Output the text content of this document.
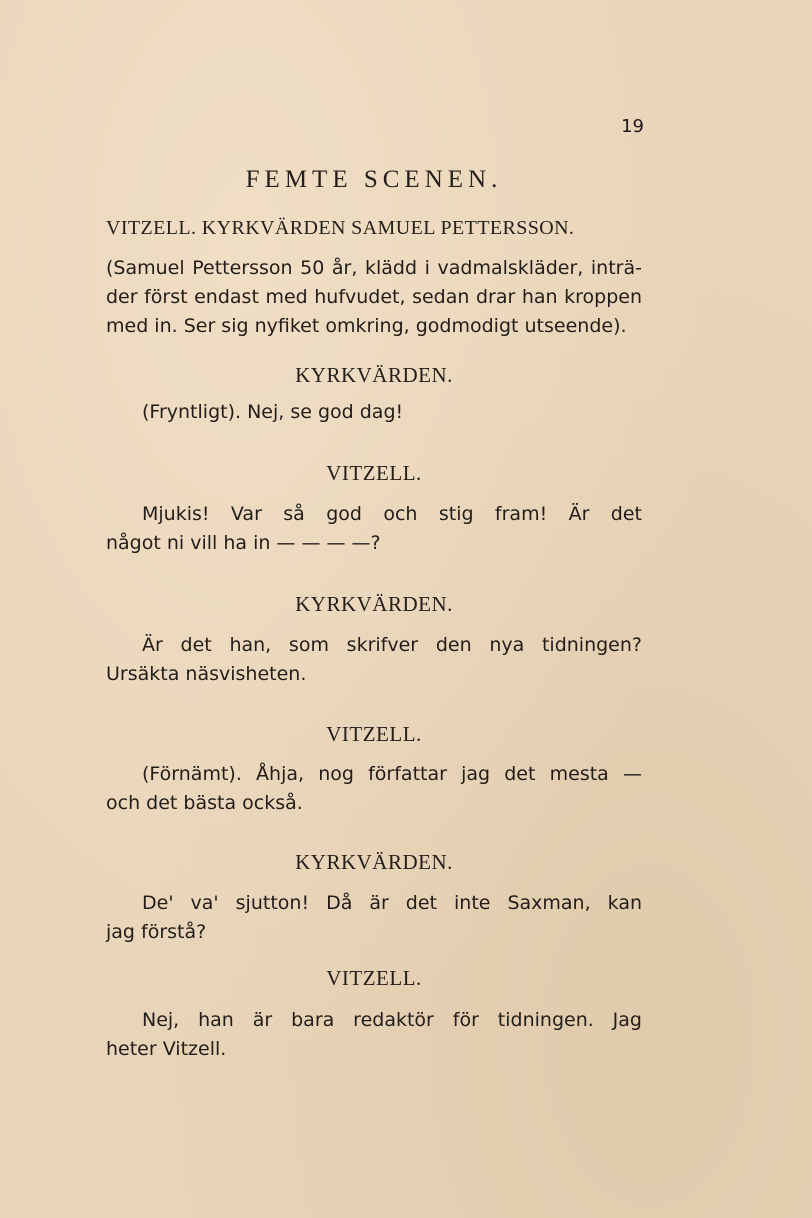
19
FEMTE SCENEN.
VITZELL. KYRKVÄRDEN SAMUEL PETTERSSON.
(Samuel Pettersson 50 år, klädd i vadmalskläder, inträ-
der först endast med hufvudet, sedan drar han kroppen
med in. Ser sig nyfiket omkring, godmodigt utseende).
KYRKVÄRDEN.
(Fryntligt). Nej, se god dag!
VITZELL.
Mjukis! Var så god och stig fram! Är det
något ni vill ha in — — — —?
KYRKVÄRDEN.
Är det han, som skrifver den nya tidningen?
Ursäkta näsvisheten.
VITZELL.
(Förnämt). Åhja, nog författar jag det mesta —
och det bästa också.
KYRKVÄRDEN.
De' va' sjutton! Då är det inte Saxman, kan
jag förstå?
VITZELL.
Nej, han är bara redaktör för tidningen. Jag
heter Vitzell.
